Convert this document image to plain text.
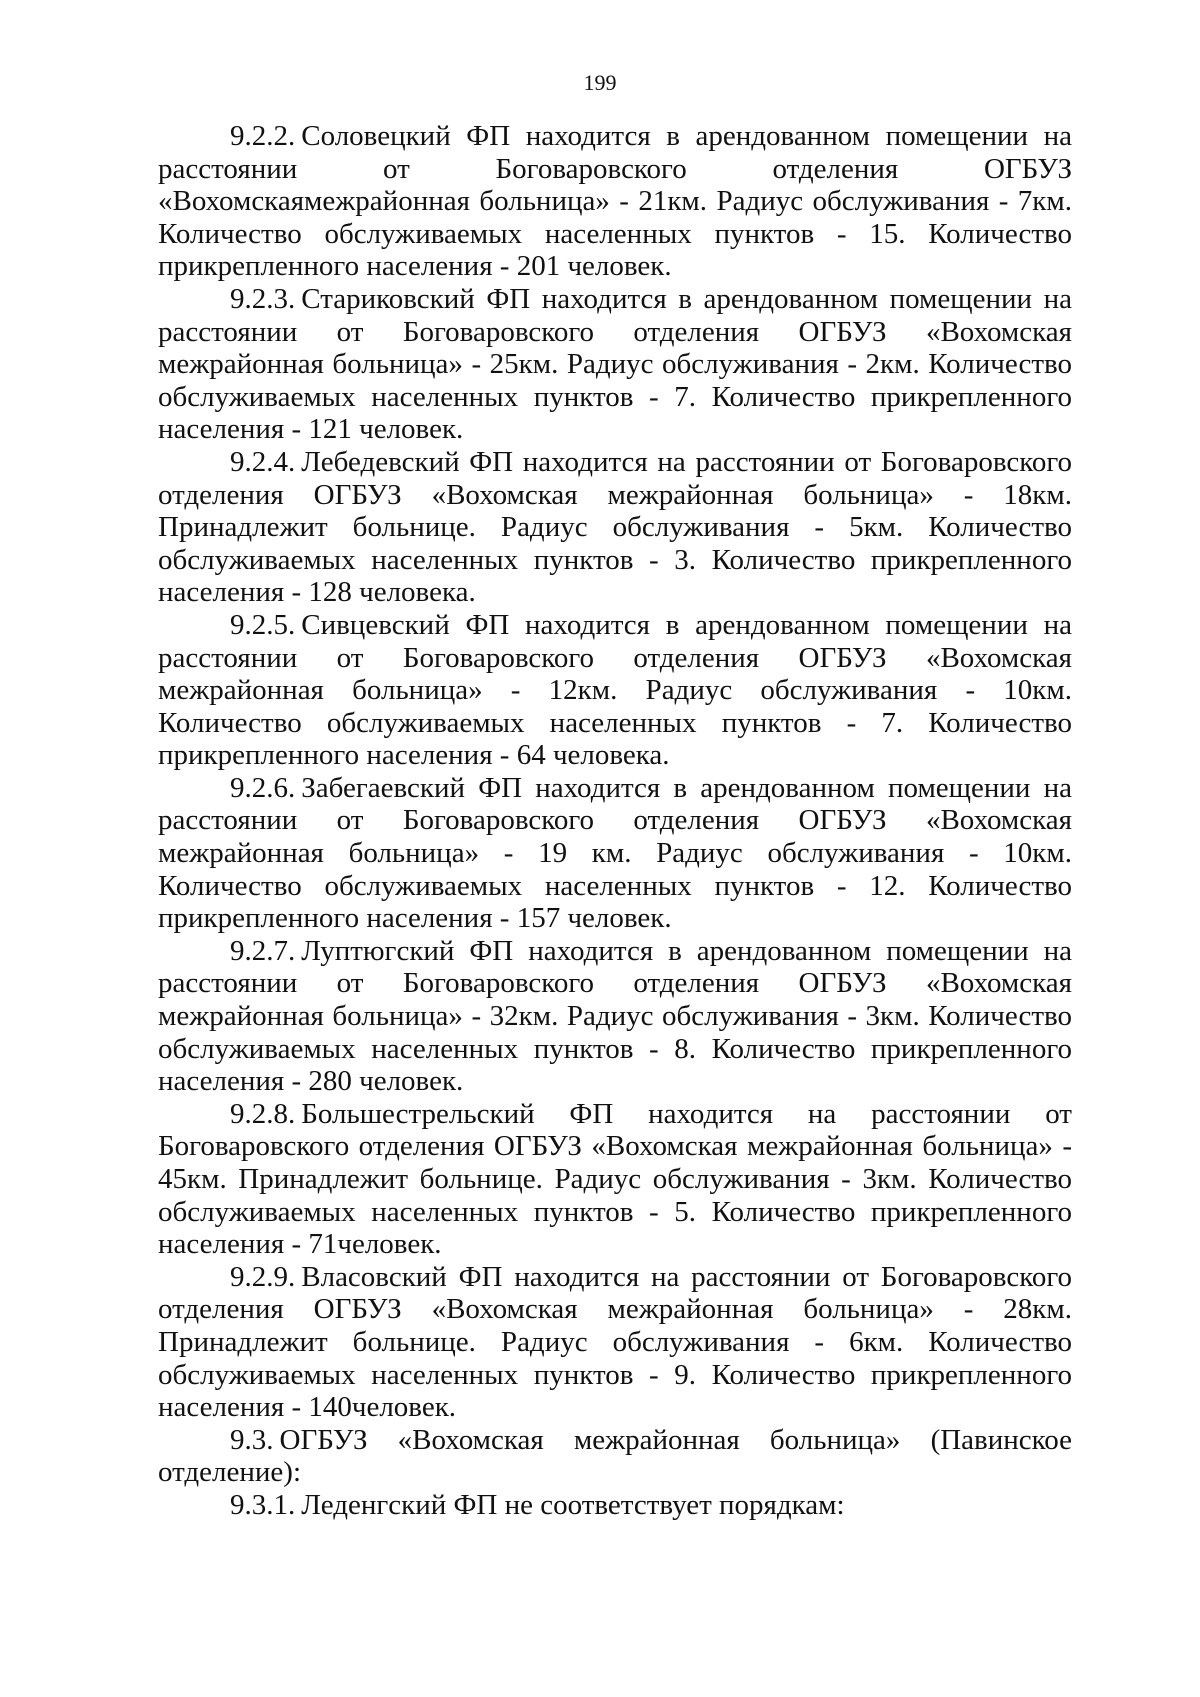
199

9.2.2. Соловецкий ФП находится в арендованном помещении на расстоянии от Боговаровского отделения ОГБУЗ «Вохомскаямежрайонная больница» - 21км. Радиус обслуживания - 7км. Количество обслуживаемых населенных пунктов - 15. Количество прикрепленного населения - 201 человек.

9.2.3. Стариковский ФП находится в арендованном помещении на расстоянии от Боговаровского отделения ОГБУЗ «Вохомская межрайонная больница» - 25км. Радиус обслуживания - 2км. Количество обслуживаемых населенных пунктов - 7. Количество прикрепленного населения - 121 человек.

9.2.4. Лебедевский ФП находится на расстоянии от Боговаровского отделения ОГБУЗ «Вохомская межрайонная больница» - 18км. Принадлежит больнице. Радиус обслуживания - 5км. Количество обслуживаемых населенных пунктов - 3. Количество прикрепленного населения - 128 человека.

9.2.5. Сивцевский ФП находится в арендованном помещении на расстоянии от Боговаровского отделения ОГБУЗ «Вохомская межрайонная больница» - 12км. Радиус обслуживания - 10км. Количество обслуживаемых населенных пунктов - 7. Количество прикрепленного населения - 64 человека.

9.2.6. Забегаевский ФП находится в арендованном помещении на расстоянии от Боговаровского отделения ОГБУЗ «Вохомская межрайонная больница» - 19 км. Радиус обслуживания - 10км. Количество обслуживаемых населенных пунктов - 12. Количество прикрепленного населения - 157 человек.

9.2.7. Луптюгский ФП находится в арендованном помещении на расстоянии от Боговаровского отделения ОГБУЗ «Вохомская межрайонная больница» - 32км. Радиус обслуживания - 3км. Количество обслуживаемых населенных пунктов - 8. Количество прикрепленного населения - 280 человек.

9.2.8. Большестрельский ФП находится на расстоянии от Боговаровского отделения ОГБУЗ «Вохомская межрайонная больница» - 45км. Принадлежит больнице. Радиус обслуживания - 3км. Количество обслуживаемых населенных пунктов - 5. Количество прикрепленного населения - 71человек.

9.2.9. Власовский ФП находится на расстоянии от Боговаровского отделения ОГБУЗ «Вохомская межрайонная больница» - 28км. Принадлежит больнице. Радиус обслуживания - 6км. Количество обслуживаемых населенных пунктов - 9. Количество прикрепленного населения - 140человек.

9.3. ОГБУЗ «Вохомская межрайонная больница» (Павинское отделение):

9.3.1. Леденгский ФП не соответствует порядкам:
